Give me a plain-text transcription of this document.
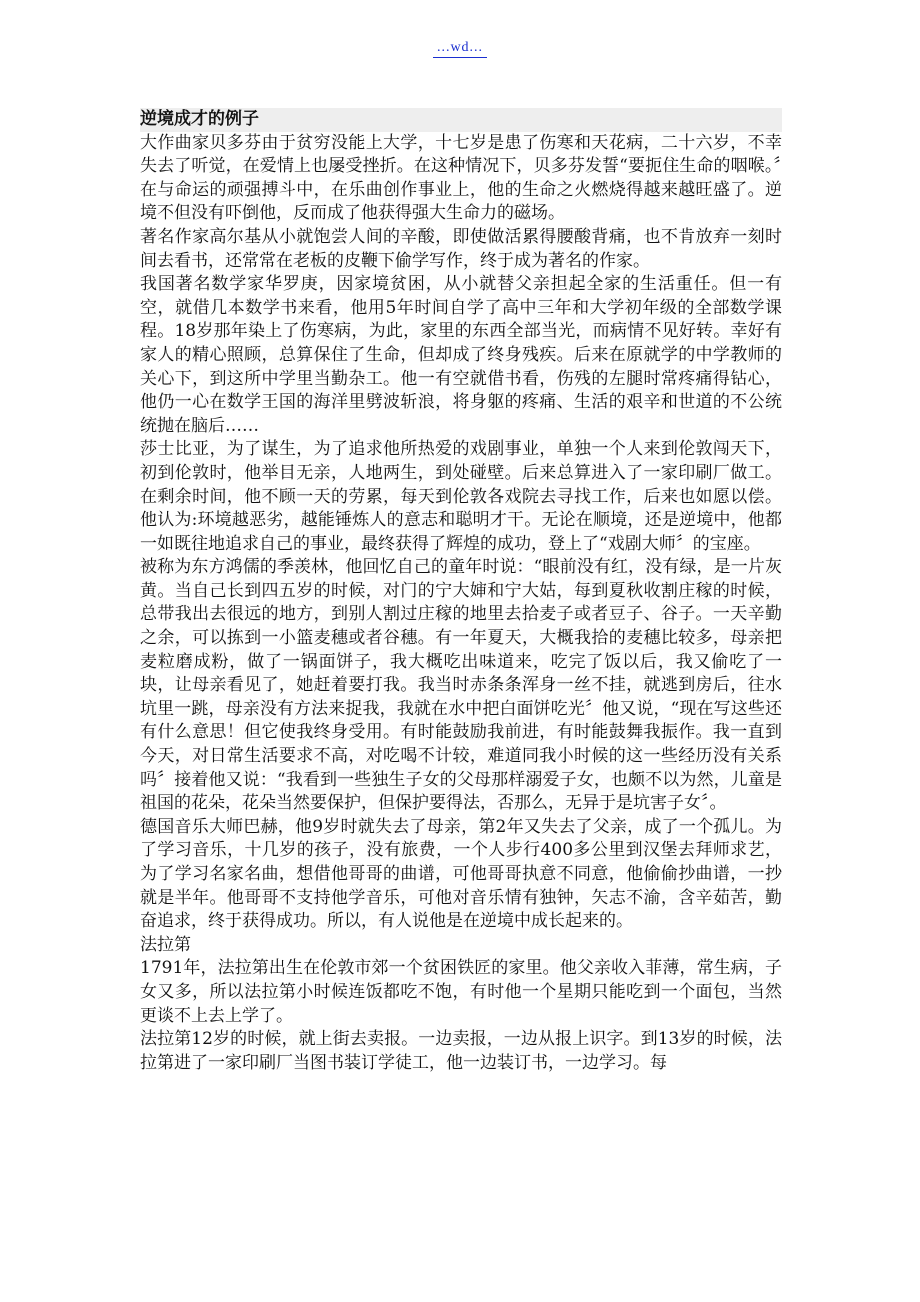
...wd...

逆境成才的例子

大作曲家贝多芬由于贫穷没能上大学，十七岁是患了伤寒和天花病，二十六岁，不幸失去了听觉，在爱情上也屡受挫折。在这种情况下，贝多芬发誓“要扼住生命的咽喉。〞在与命运的顽强搏斗中，在乐曲创作事业上，他的生命之火燃烧得越来越旺盛了。逆境不但没有吓倒他，反而成了他获得强大生命力的磁场。

著名作家高尔基从小就饱尝人间的辛酸，即使做活累得腰酸背痛，也不肯放弃一刻时间去看书，还常常在老板的皮鞭下偷学写作，终于成为著名的作家。

我国著名数学家华罗庚，因家境贫困，从小就替父亲担起全家的生活重任。但一有空，就借几本数学书来看，他用5年时间自学了高中三年和大学初年级的全部数学课程。18岁那年染上了伤寒病，为此，家里的东西全部当光，而病情不见好转。幸好有家人的精心照顾，总算保住了生命，但却成了终身残疾。后来在原就学的中学教师的关心下，到这所中学里当勤杂工。他一有空就借书看，伤残的左腿时常疼痛得钻心，他仍一心在数学王国的海洋里劈波斩浪，将身躯的疼痛、生活的艰辛和世道的不公统统抛在脑后……

莎士比亚，为了谋生，为了追求他所热爱的戏剧事业，单独一个人来到伦敦闯天下，初到伦敦时，他举目无亲，人地两生，到处碰壁。后来总算进入了一家印刷厂做工。在剩余时间，他不顾一天的劳累，每天到伦敦各戏院去寻找工作，后来也如愿以偿。他认为:环境越恶劣，越能锤炼人的意志和聪明才干。无论在顺境，还是逆境中，他都一如既往地追求自己的事业，最终获得了辉煌的成功，登上了“戏剧大师〞的宝座。

被称为东方鸿儒的季羡林，他回忆自己的童年时说：“眼前没有红，没有绿，是一片灰黄。当自己长到四五岁的时候，对门的宁大婶和宁大姑，每到夏秋收割庄稼的时候，总带我出去很远的地方，到别人割过庄稼的地里去拾麦子或者豆子、谷子。一天辛勤之余，可以拣到一小篮麦穗或者谷穗。有一年夏天，大概我拾的麦穗比较多，母亲把麦粒磨成粉，做了一锅面饼子，我大概吃出味道来，吃完了饭以后，我又偷吃了一块，让母亲看见了，她赶着要打我。我当时赤条条浑身一丝不挂，就逃到房后，往水坑里一跳，母亲没有方法来捉我，我就在水中把白面饼吃光〞他又说，“现在写这些还有什么意思！但它使我终身受用。有时能鼓励我前进，有时能鼓舞我振作。我一直到今天，对日常生活要求不高，对吃喝不计较，难道同我小时候的这一些经历没有关系吗〞接着他又说：“我看到一些独生子女的父母那样溺爱子女，也颇不以为然，儿童是祖国的花朵，花朵当然要保护，但保护要得法，否那么，无异于是坑害子女〞。

德国音乐大师巴赫，他9岁时就失去了母亲，第2年又失去了父亲，成了一个孤儿。为了学习音乐，十几岁的孩子，没有旅费，一个人步行400多公里到汉堡去拜师求艺，为了学习名家名曲，想借他哥哥的曲谱，可他哥哥执意不同意，他偷偷抄曲谱，一抄就是半年。他哥哥不支持他学音乐，可他对音乐情有独钟，矢志不渝，含辛茹苦，勤奋追求，终于获得成功。所以，有人说他是在逆境中成长起来的。

法拉第

1791年，法拉第出生在伦敦市郊一个贫困铁匠的家里。他父亲收入菲薄，常生病，子女又多，所以法拉第小时候连饭都吃不饱，有时他一个星期只能吃到一个面包，当然更谈不上去上学了。

法拉第12岁的时候，就上街去卖报。一边卖报，一边从报上识字。到13岁的时候，法拉第进了一家印刷厂当图书装订学徒工，他一边装订书，一边学习。每
